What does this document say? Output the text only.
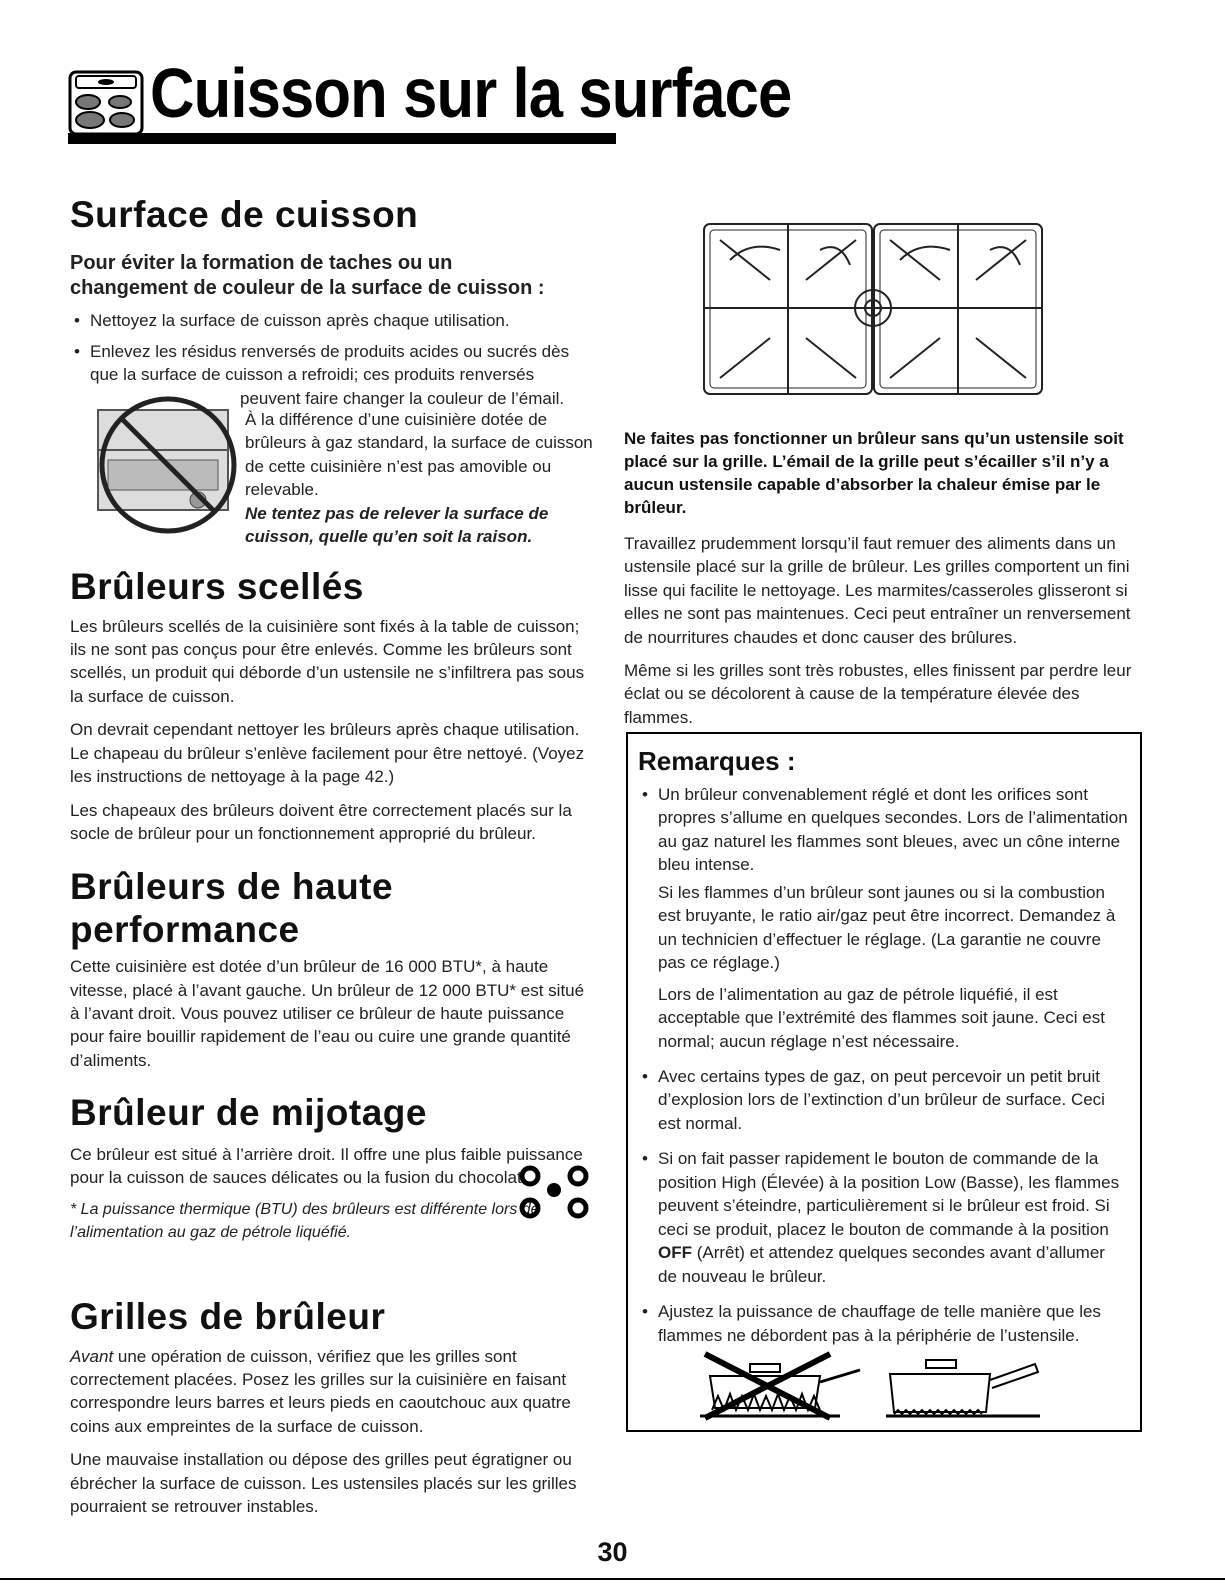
Cuisson sur la surface
Surface de cuisson

Pour éviter la formation de taches ou un changement de couleur de la surface de cuisson :

• Nettoyez la surface de cuisson après chaque utilisation.
• Enlevez les résidus renversés de produits acides ou sucrés dès que la surface de cuisson a refroidi; ces produits renversés

peuvent faire changer la couleur de l’émail.

À la différence d’une cuisinière dotée de brûleurs à gaz standard, la surface de cuisson de cette cuisinière n’est pas amovible ou relevable.

Ne tentez pas de relever la surface de cuisson, quelle qu’en soit la raison.

Brûleurs scellés

Les brûleurs scellés de la cuisinière sont fixés à la table de cuisson; ils ne sont pas conçus pour être enlevés. Comme les brûleurs sont scellés, un produit qui déborde d’un ustensile ne s’infiltrera pas sous la surface de cuisson.

On devrait cependant nettoyer les brûleurs après chaque utilisation. Le chapeau du brûleur s’enlève facilement pour être nettoyé. (Voyez les instructions de nettoyage à la page 42.)

Les chapeaux des brûleurs doivent être correctement placés sur la socle de brûleur pour un fonctionnement approprié du brûleur.

Brûleurs de haute
performance

Cette cuisinière est dotée d’un brûleur de 16 000 BTU*, à haute vitesse, placé à l’avant gauche. Un brûleur de 12 000 BTU* est situé à l’avant droit. Vous pouvez utiliser ce brûleur de haute puissance pour faire bouillir rapidement de l’eau ou cuire une grande quantité d’aliments.

Brûleur de mijotage

Ce brûleur est situé à l’arrière droit. Il offre une plus faible puissance pour la cuisson de sauces délicates ou la fusion du chocolat.

* La puissance thermique (BTU) des brûleurs est différente lors de l’alimentation au gaz de pétrole liquéfié.

Grilles de brûleur

Avant une opération de cuisson, vérifiez que les grilles sont correctement placées. Posez les grilles sur la cuisinière en faisant correspondre leurs barres et leurs pieds en caoutchouc aux quatre coins aux empreintes de la surface de cuisson.

Une mauvaise installation ou dépose des grilles peut égratigner ou ébrécher la surface de cuisson. Les ustensiles placés sur les grilles pourraient se retrouver instables.

Ne faites pas fonctionner un brûleur sans qu’un ustensile soit placé sur la grille. L’émail de la grille peut s’écailler s’il n’y a aucun ustensile capable d’absorber la chaleur émise par le brûleur.

Travaillez prudemment lorsqu’il faut remuer des aliments dans un ustensile placé sur la grille de brûleur. Les grilles comportent un fini lisse qui facilite le nettoyage. Les marmites/casseroles glisseront si elles ne sont pas maintenues. Ceci peut entraîner un renversement de nourritures chaudes et donc causer des brûlures.

Même si les grilles sont très robustes, elles finissent par perdre leur éclat ou se décolorent à cause de la température élevée des flammes.

Remarques :
• Un brûleur convenablement réglé et dont les orifices sont propres s’allume en quelques secondes. Lors de l’alimentation au gaz naturel les flammes sont bleues, avec un cône interne bleu intense.

Si les flammes d’un brûleur sont jaunes ou si la combustion est bruyante, le ratio air/gaz peut être incorrect. Demandez à un technicien d’effectuer le réglage. (La garantie ne couvre pas ce réglage.)

Lors de l’alimentation au gaz de pétrole liquéfié, il est acceptable que l’extrémité des flammes soit jaune. Ceci est normal; aucun réglage n’est nécessaire.

• Avec certains types de gaz, on peut percevoir un petit bruit d’explosion lors de l’extinction d’un brûleur de surface. Ceci est normal.
• Si on fait passer rapidement le bouton de commande de la position High (Élevée) à la position Low (Basse), les flammes peuvent s’éteindre, particulièrement si le brûleur est froid. Si ceci se produit, placez le bouton de commande à la position OFF (Arrêt) et attendez quelques secondes avant d’allumer de nouveau le brûleur.
• Ajustez la puissance de chauffage de telle manière que les flammes ne débordent pas à la périphérie de l’ustensile.
30
